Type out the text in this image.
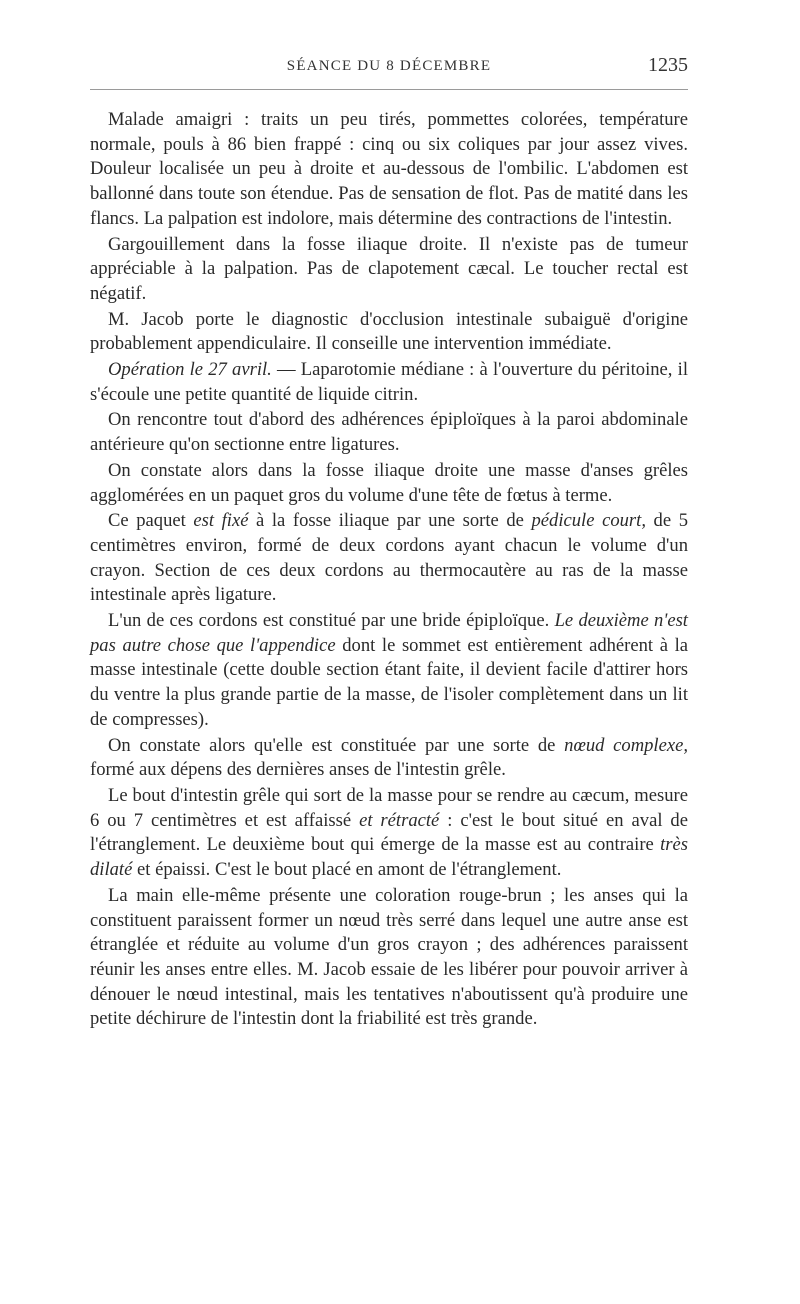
SÉANCE DU 8 DÉCEMBRE	1235

Malade amaigri : traits un peu tirés, pommettes colorées, température normale, pouls à 86 bien frappé : cinq ou six coliques par jour assez vives. Douleur localisée un peu à droite et au-dessous de l'ombilic. L'abdomen est ballonné dans toute son étendue. Pas de sensation de flot. Pas de matité dans les flancs. La palpation est indolore, mais détermine des contractions de l'intestin.

Gargouillement dans la fosse iliaque droite. Il n'existe pas de tumeur appréciable à la palpation. Pas de clapotement cæcal. Le toucher rectal est négatif.

M. Jacob porte le diagnostic d'occlusion intestinale subaiguë d'origine probablement appendiculaire. Il conseille une intervention immédiate.

Opération le 27 avril. — Laparotomie médiane : à l'ouverture du péritoine, il s'écoule une petite quantité de liquide citrin.

On rencontre tout d'abord des adhérences épiploïques à la paroi abdominale antérieure qu'on sectionne entre ligatures.

On constate alors dans la fosse iliaque droite une masse d'anses grêles agglomérées en un paquet gros du volume d'une tête de fœtus à terme.

Ce paquet est fixé à la fosse iliaque par une sorte de pédicule court, de 5 centimètres environ, formé de deux cordons ayant chacun le volume d'un crayon. Section de ces deux cordons au thermocautère au ras de la masse intestinale après ligature.

L'un de ces cordons est constitué par une bride épiploïque. Le deuxième n'est pas autre chose que l'appendice dont le sommet est entièrement adhérent à la masse intestinale (cette double section étant faite, il devient facile d'attirer hors du ventre la plus grande partie de la masse, de l'isoler complètement dans un lit de compresses).

On constate alors qu'elle est constituée par une sorte de nœud complexe, formé aux dépens des dernières anses de l'intestin grêle.

Le bout d'intestin grêle qui sort de la masse pour se rendre au cæcum, mesure 6 ou 7 centimètres et est affaissé et rétracté : c'est le bout situé en aval de l'étranglement. Le deuxième bout qui émerge de la masse est au contraire très dilaté et épaissi. C'est le bout placé en amont de l'étranglement.

La main elle-même présente une coloration rouge-brun ; les anses qui la constituent paraissent former un nœud très serré dans lequel une autre anse est étranglée et réduite au volume d'un gros crayon ; des adhérences paraissent réunir les anses entre elles. M. Jacob essaie de les libérer pour pouvoir arriver à dénouer le nœud intestinal, mais les tentatives n'aboutissent qu'à produire une petite déchirure de l'intestin dont la friabilité est très grande.
